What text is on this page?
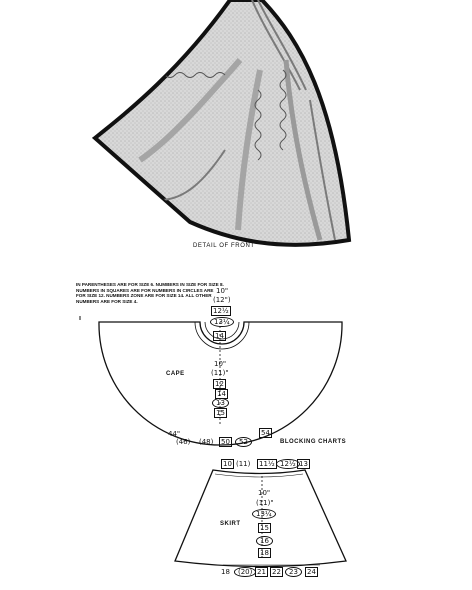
DETAIL OF FRONT
IN PARENTHESES ARE FOR SIZE 6. NUMBERS IN SIZE FOR SIZE 8. NUMBERS IN SQUARES ARE FOR NUMBERS IN CIRCLES ARE FOR SIZE 12. NUMBERS ZONE ARE FOR SIZE 14. ALL OTHER NUMBERS ARE FOR SIZE 4.
CAPE
10"
(12")
12½
13¼
14
10"
(11)"
12
14
13
15
44"
(46) (48) 50	52
54
BLOCKING CHARTS
SKIRT
10 (11) 11½ 12½ 13
10"
(11)"
13¼
15
16
18
18	(20) 21 22	23	24
